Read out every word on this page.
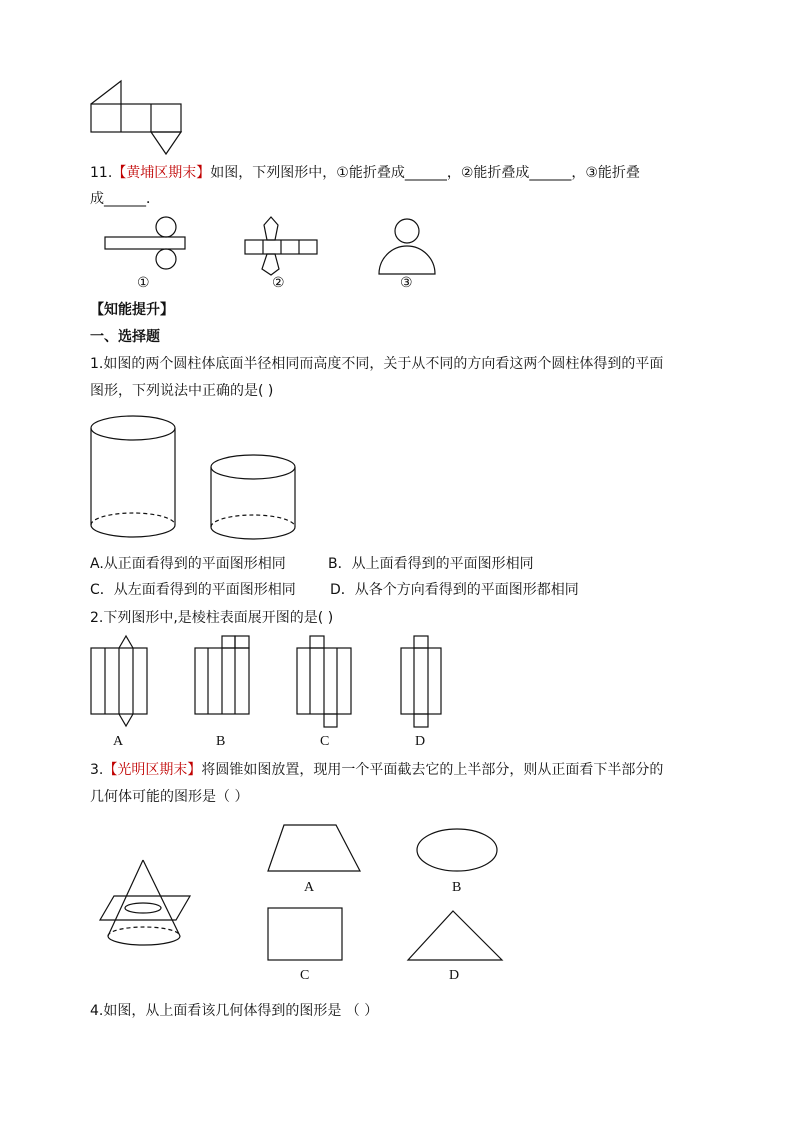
11.【黄埔区期末】如图，下列图形中，①能折叠成______，②能折叠成______，③能折叠
成______．
①	②	③
【知能提升】
一、选择题
1.如图的两个圆柱体底面半径相同而高度不同，关于从不同的方向看这两个圆柱体得到的平面
图形，下列说法中正确的是( )
A.从正面看得到的平面图形相同	B．从上面看得到的平面图形相同
C．从左面看得到的平面图形相同 D．从各个方向看得到的平面图形都相同
2.下列图形中,是棱柱表面展开图的是( )
A	B	C	D
3.【光明区期末】将圆锥如图放置，现用一个平面截去它的上半部分，则从正面看下半部分的
几何体可能的图形是（ ）
A	B
C	D
4.如图，从上面看该几何体得到的图形是 （ ）
